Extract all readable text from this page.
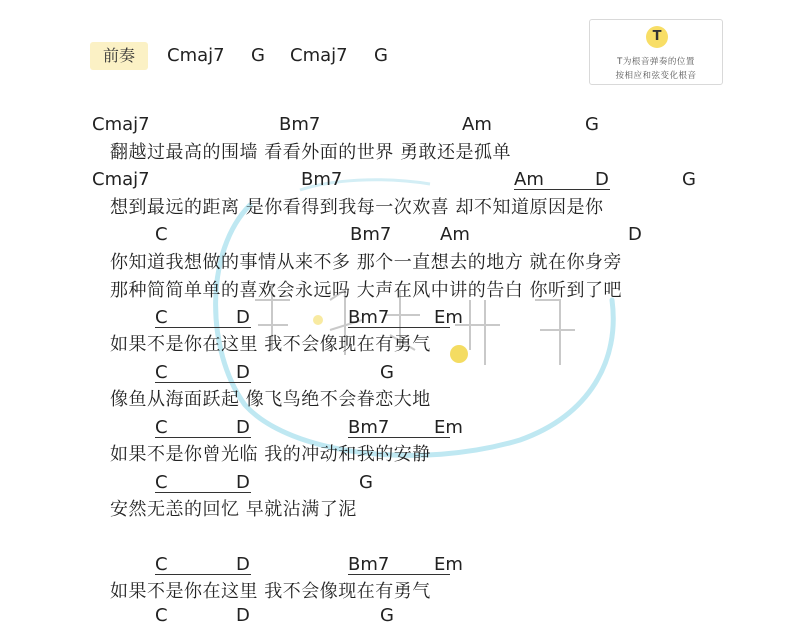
前奏	Cmaj7 G Cmaj7 G
T
T为根音弹奏的位置
按相应和弦变化根音
Cmaj7	Bm7	Am	G
翻越过最高的围墙 看看外面的世界 勇敢还是孤单
Cmaj7	Bm7	Am	D	G
想到最远的距离 是你看得到我每一次欢喜 却不知道原因是你
C	Bm7	Am	D
你知道我想做的事情从来不多 那个一直想去的地方 就在你身旁
那种简简单单的喜欢会永远吗 大声在风中讲的告白 你听到了吧
C	D	Bm7 Em
如果不是你在这里 我不会像现在有勇气
C	D	G
像鱼从海面跃起 像飞鸟绝不会眷恋大地
C	D	Bm7 Em
如果不是你曾光临 我的冲动和我的安静
C	D	G
安然无恙的回忆 早就沾满了泥
C	D	Bm7 Em
如果不是你在这里 我不会像现在有勇气
C	D	G
